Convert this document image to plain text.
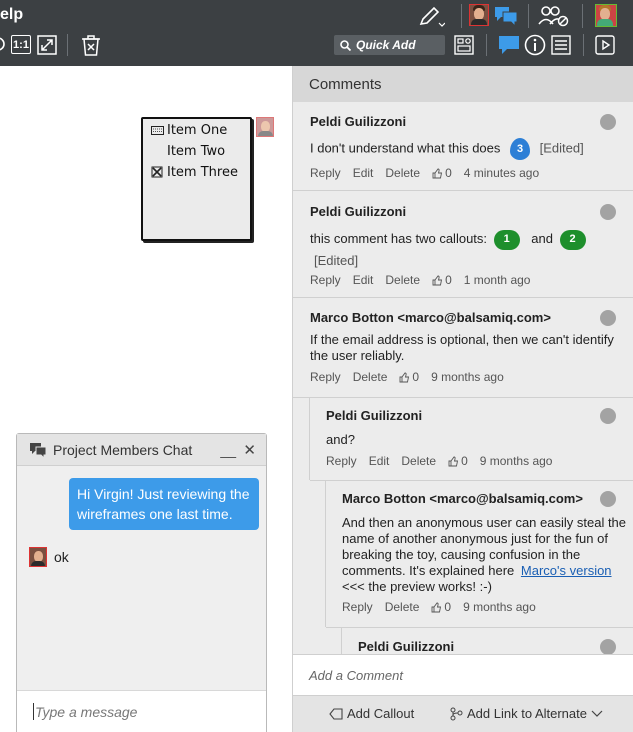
elp
1:1	Quick Add
Item One
Item Two
Item Three
Project Members Chat __ ✕
Hi Virgin! Just reviewing the wireframes one last time.
ok
Type a message
Comments
Peldi Guilizzoni
I don't understand what this does 3 [Edited]
Reply Edit Delete 0 4 minutes ago
Peldi Guilizzoni
this comment has two callouts: 1 and 2
[Edited]
Reply Edit Delete 0 1 month ago
Marco Botton <marco@balsamiq.com>
If the email address is optional, then we can't identify the user reliably.
Reply Delete 0 9 months ago
Peldi Guilizzoni
and?
Reply Edit Delete 0 9 months ago
Marco Botton <marco@balsamiq.com>
And then an anonymous user can easily steal the name of another anonymous just for the fun of breaking the toy, causing confusion in the comments. It's explained here Marco's version
<<< the preview works! :-)
Reply Delete 0 9 months ago
Peldi Guilizzoni
Add a Comment
Add Callout	Add Link to Alternate
